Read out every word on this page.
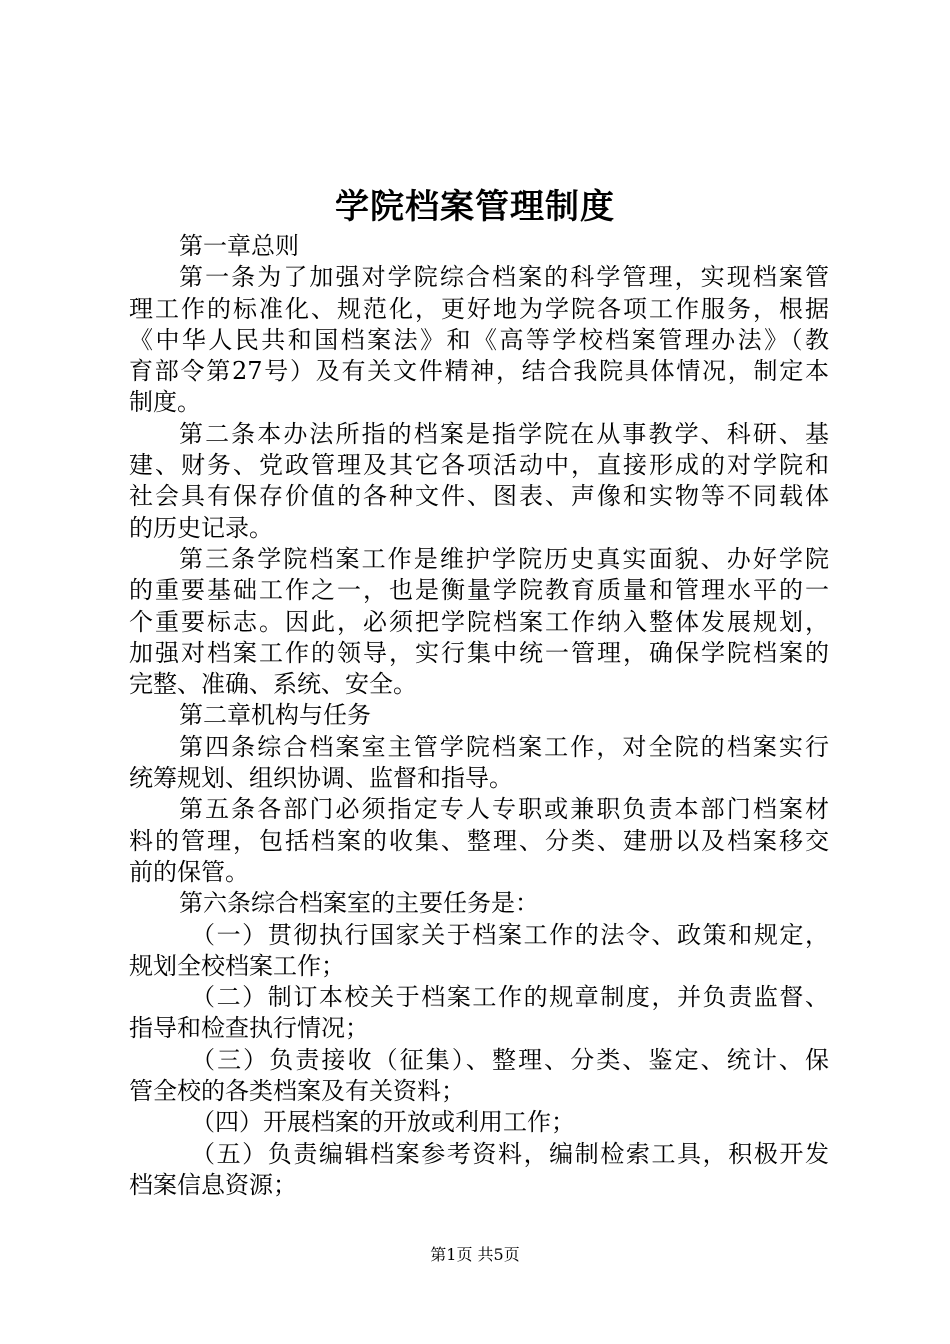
学院档案管理制度
第一章总则
第一条为了加强对学院综合档案的科学管理，实现档案管
理工作的标准化、规范化，更好地为学院各项工作服务，根据
《中华人民共和国档案法》和《高等学校档案管理办法》（教
育部令第27号）及有关文件精神，结合我院具体情况，制定本
制度。
第二条本办法所指的档案是指学院在从事教学、科研、基
建、财务、党政管理及其它各项活动中，直接形成的对学院和
社会具有保存价值的各种文件、图表、声像和实物等不同载体
的历史记录。
第三条学院档案工作是维护学院历史真实面貌、办好学院
的重要基础工作之一，也是衡量学院教育质量和管理水平的一
个重要标志。因此，必须把学院档案工作纳入整体发展规划，
加强对档案工作的领导，实行集中统一管理，确保学院档案的
完整、准确、系统、安全。
第二章机构与任务
第四条综合档案室主管学院档案工作，对全院的档案实行
统筹规划、组织协调、监督和指导。
第五条各部门必须指定专人专职或兼职负责本部门档案材
料的管理，包括档案的收集、整理、分类、建册以及档案移交
前的保管。
第六条综合档案室的主要任务是：
（一）贯彻执行国家关于档案工作的法令、政策和规定，
规划全校档案工作；
（二）制订本校关于档案工作的规章制度，并负责监督、
指导和检查执行情况；
（三）负责接收（征集）、整理、分类、鉴定、统计、保
管全校的各类档案及有关资料；
（四）开展档案的开放或利用工作；
（五）负责编辑档案参考资料，编制检索工具，积极开发
档案信息资源；
第1页 共5页
